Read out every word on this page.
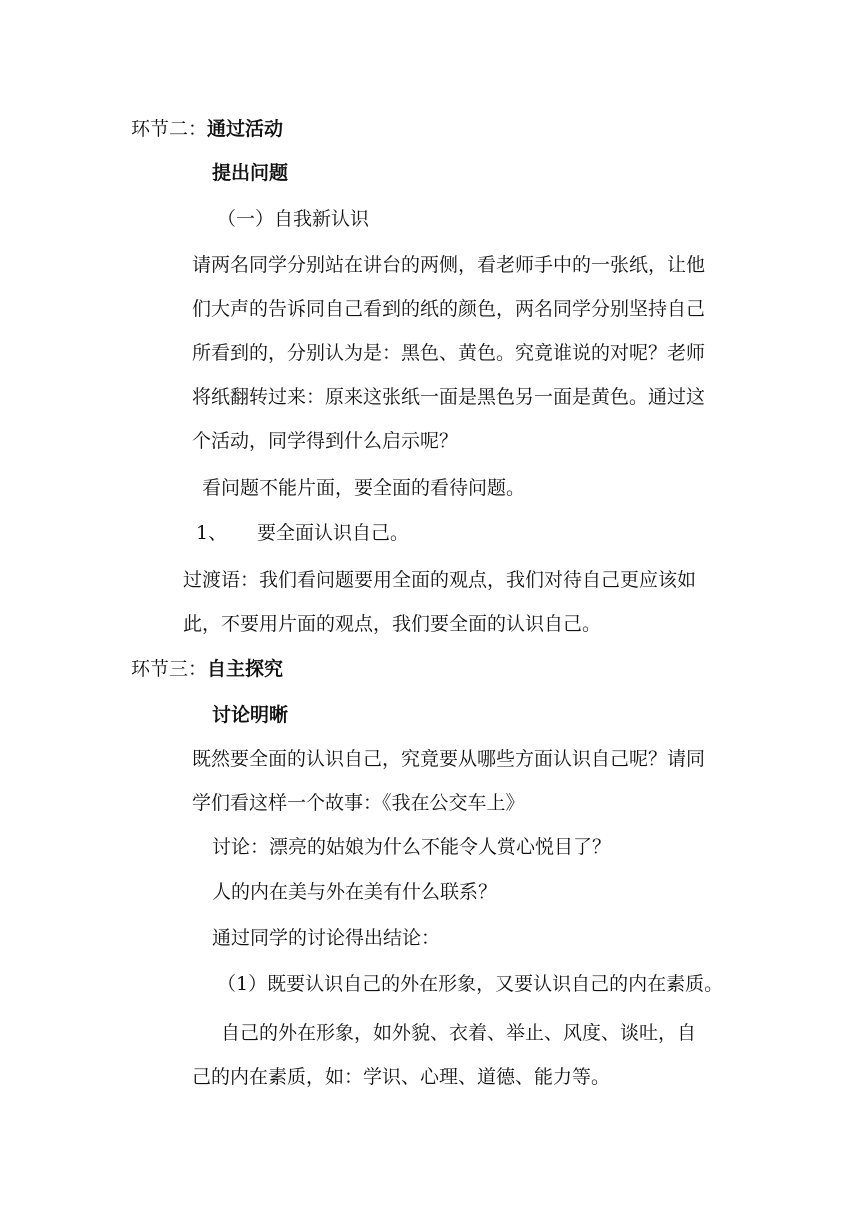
环节二：通过活动
提出问题
（一）自我新认识
请两名同学分别站在讲台的两侧，看老师手中的一张纸，让他
们大声的告诉同自己看到的纸的颜色，两名同学分别坚持自己
所看到的，分别认为是：黑色、黄色。究竟谁说的对呢？老师
将纸翻转过来：原来这张纸一面是黑色另一面是黄色。通过这
个活动，同学得到什么启示呢？
看问题不能片面，要全面的看待问题。
1、 要全面认识自己。
过渡语：我们看问题要用全面的观点，我们对待自己更应该如
此，不要用片面的观点，我们要全面的认识自己。
环节三：自主探究
讨论明晰
既然要全面的认识自己，究竟要从哪些方面认识自己呢？请同
学们看这样一个故事：《我在公交车上》
讨论：漂亮的姑娘为什么不能令人赏心悦目了？
人的内在美与外在美有什么联系？
通过同学的讨论得出结论：
（1）既要认识自己的外在形象，又要认识自己的内在素质。
自己的外在形象，如外貌、衣着、举止、风度、谈吐，自
己的内在素质，如：学识、心理、道德、能力等。
